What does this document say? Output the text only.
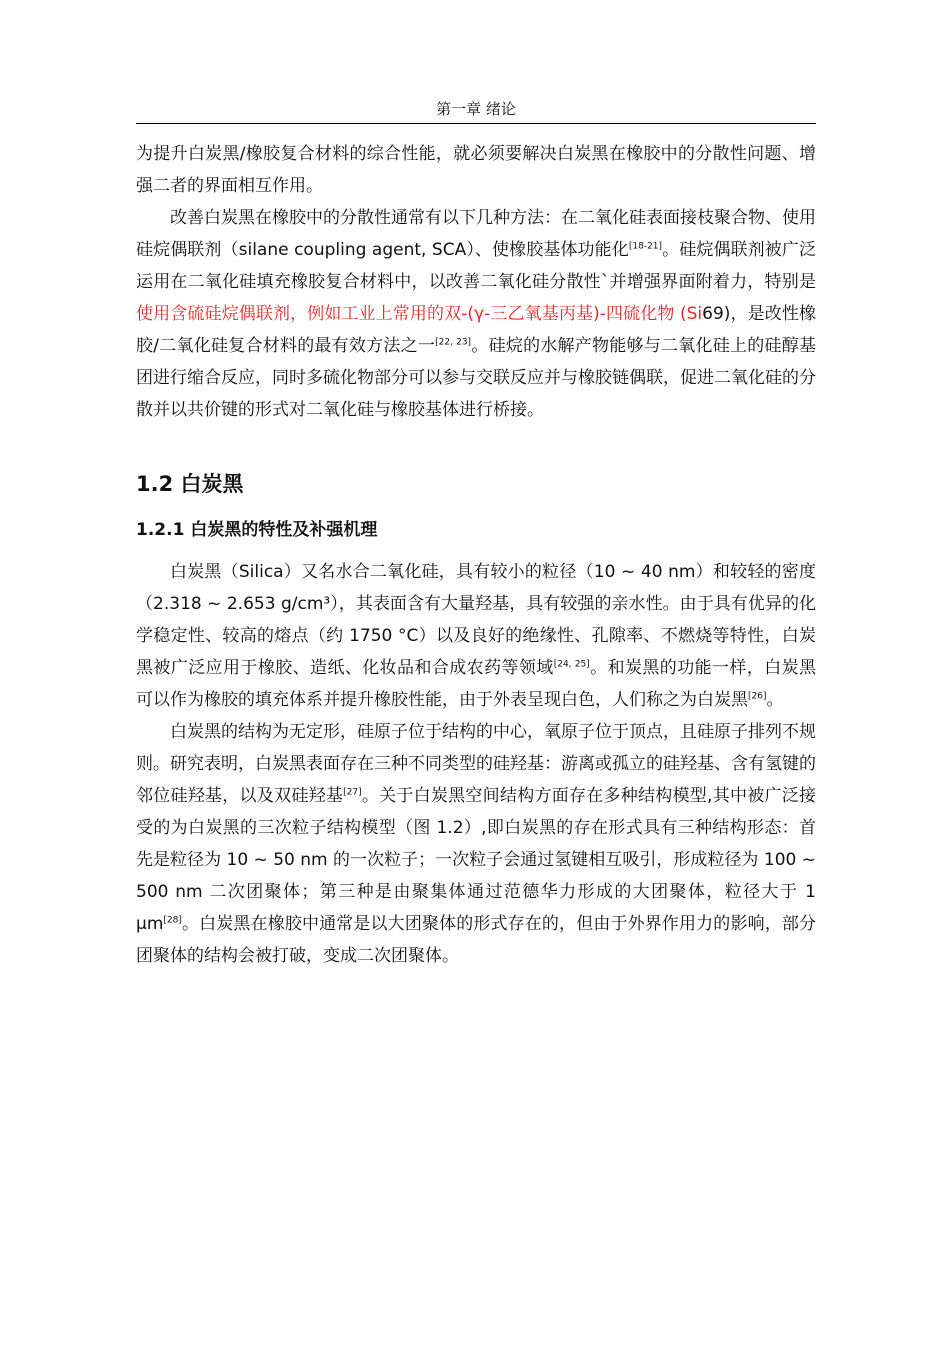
第一章 绪论

为提升白炭黑/橡胶复合材料的综合性能，就必须要解决白炭黑在橡胶中的分散性问题、增强二者的界面相互作用。

改善白炭黑在橡胶中的分散性通常有以下几种方法：在二氧化硅表面接枝聚合物、使用硅烷偶联剂（silane coupling agent, SCA）、使橡胶基体功能化[18-21]。硅烷偶联剂被广泛运用在二氧化硅填充橡胶复合材料中，以改善二氧化硅分散性`并增强界面附着力，特别是使用含硫硅烷偶联剂，例如工业上常用的双-(γ-三乙氧基丙基)-四硫化物 (Si69)，是改性橡胶/二氧化硅复合材料的最有效方法之一[22, 23]。硅烷的水解产物能够与二氧化硅上的硅醇基团进行缩合反应，同时多硫化物部分可以参与交联反应并与橡胶链偶联，促进二氧化硅的分散并以共价键的形式对二氧化硅与橡胶基体进行桥接。

1.2 白炭黑
1.2.1 白炭黑的特性及补强机理

白炭黑（Silica）又名水合二氧化硅，具有较小的粒径（10 ~ 40 nm）和较轻的密度（2.318 ~ 2.653 g/cm³），其表面含有大量羟基，具有较强的亲水性。由于具有优异的化学稳定性、较高的熔点（约 1750 °C）以及良好的绝缘性、孔隙率、不燃烧等特性，白炭黑被广泛应用于橡胶、造纸、化妆品和合成农药等领域[24, 25]。和炭黑的功能一样，白炭黑可以作为橡胶的填充体系并提升橡胶性能，由于外表呈现白色，人们称之为白炭黑[26]。

白炭黑的结构为无定形，硅原子位于结构的中心，氧原子位于顶点，且硅原子排列不规则。研究表明，白炭黑表面存在三种不同类型的硅羟基：游离或孤立的硅羟基、含有氢键的邻位硅羟基，以及双硅羟基[27]。关于白炭黑空间结构方面存在多种结构模型,其中被广泛接受的为白炭黑的三次粒子结构模型（图 1.2）,即白炭黑的存在形式具有三种结构形态：首先是粒径为 10 ~ 50 nm 的一次粒子；一次粒子会通过氢键相互吸引，形成粒径为 100 ~ 500 nm 二次团聚体；第三种是由聚集体通过范德华力形成的大团聚体，粒径大于 1 μm[28]。白炭黑在橡胶中通常是以大团聚体的形式存在的，但由于外界作用力的影响，部分团聚体的结构会被打破，变成二次团聚体。
